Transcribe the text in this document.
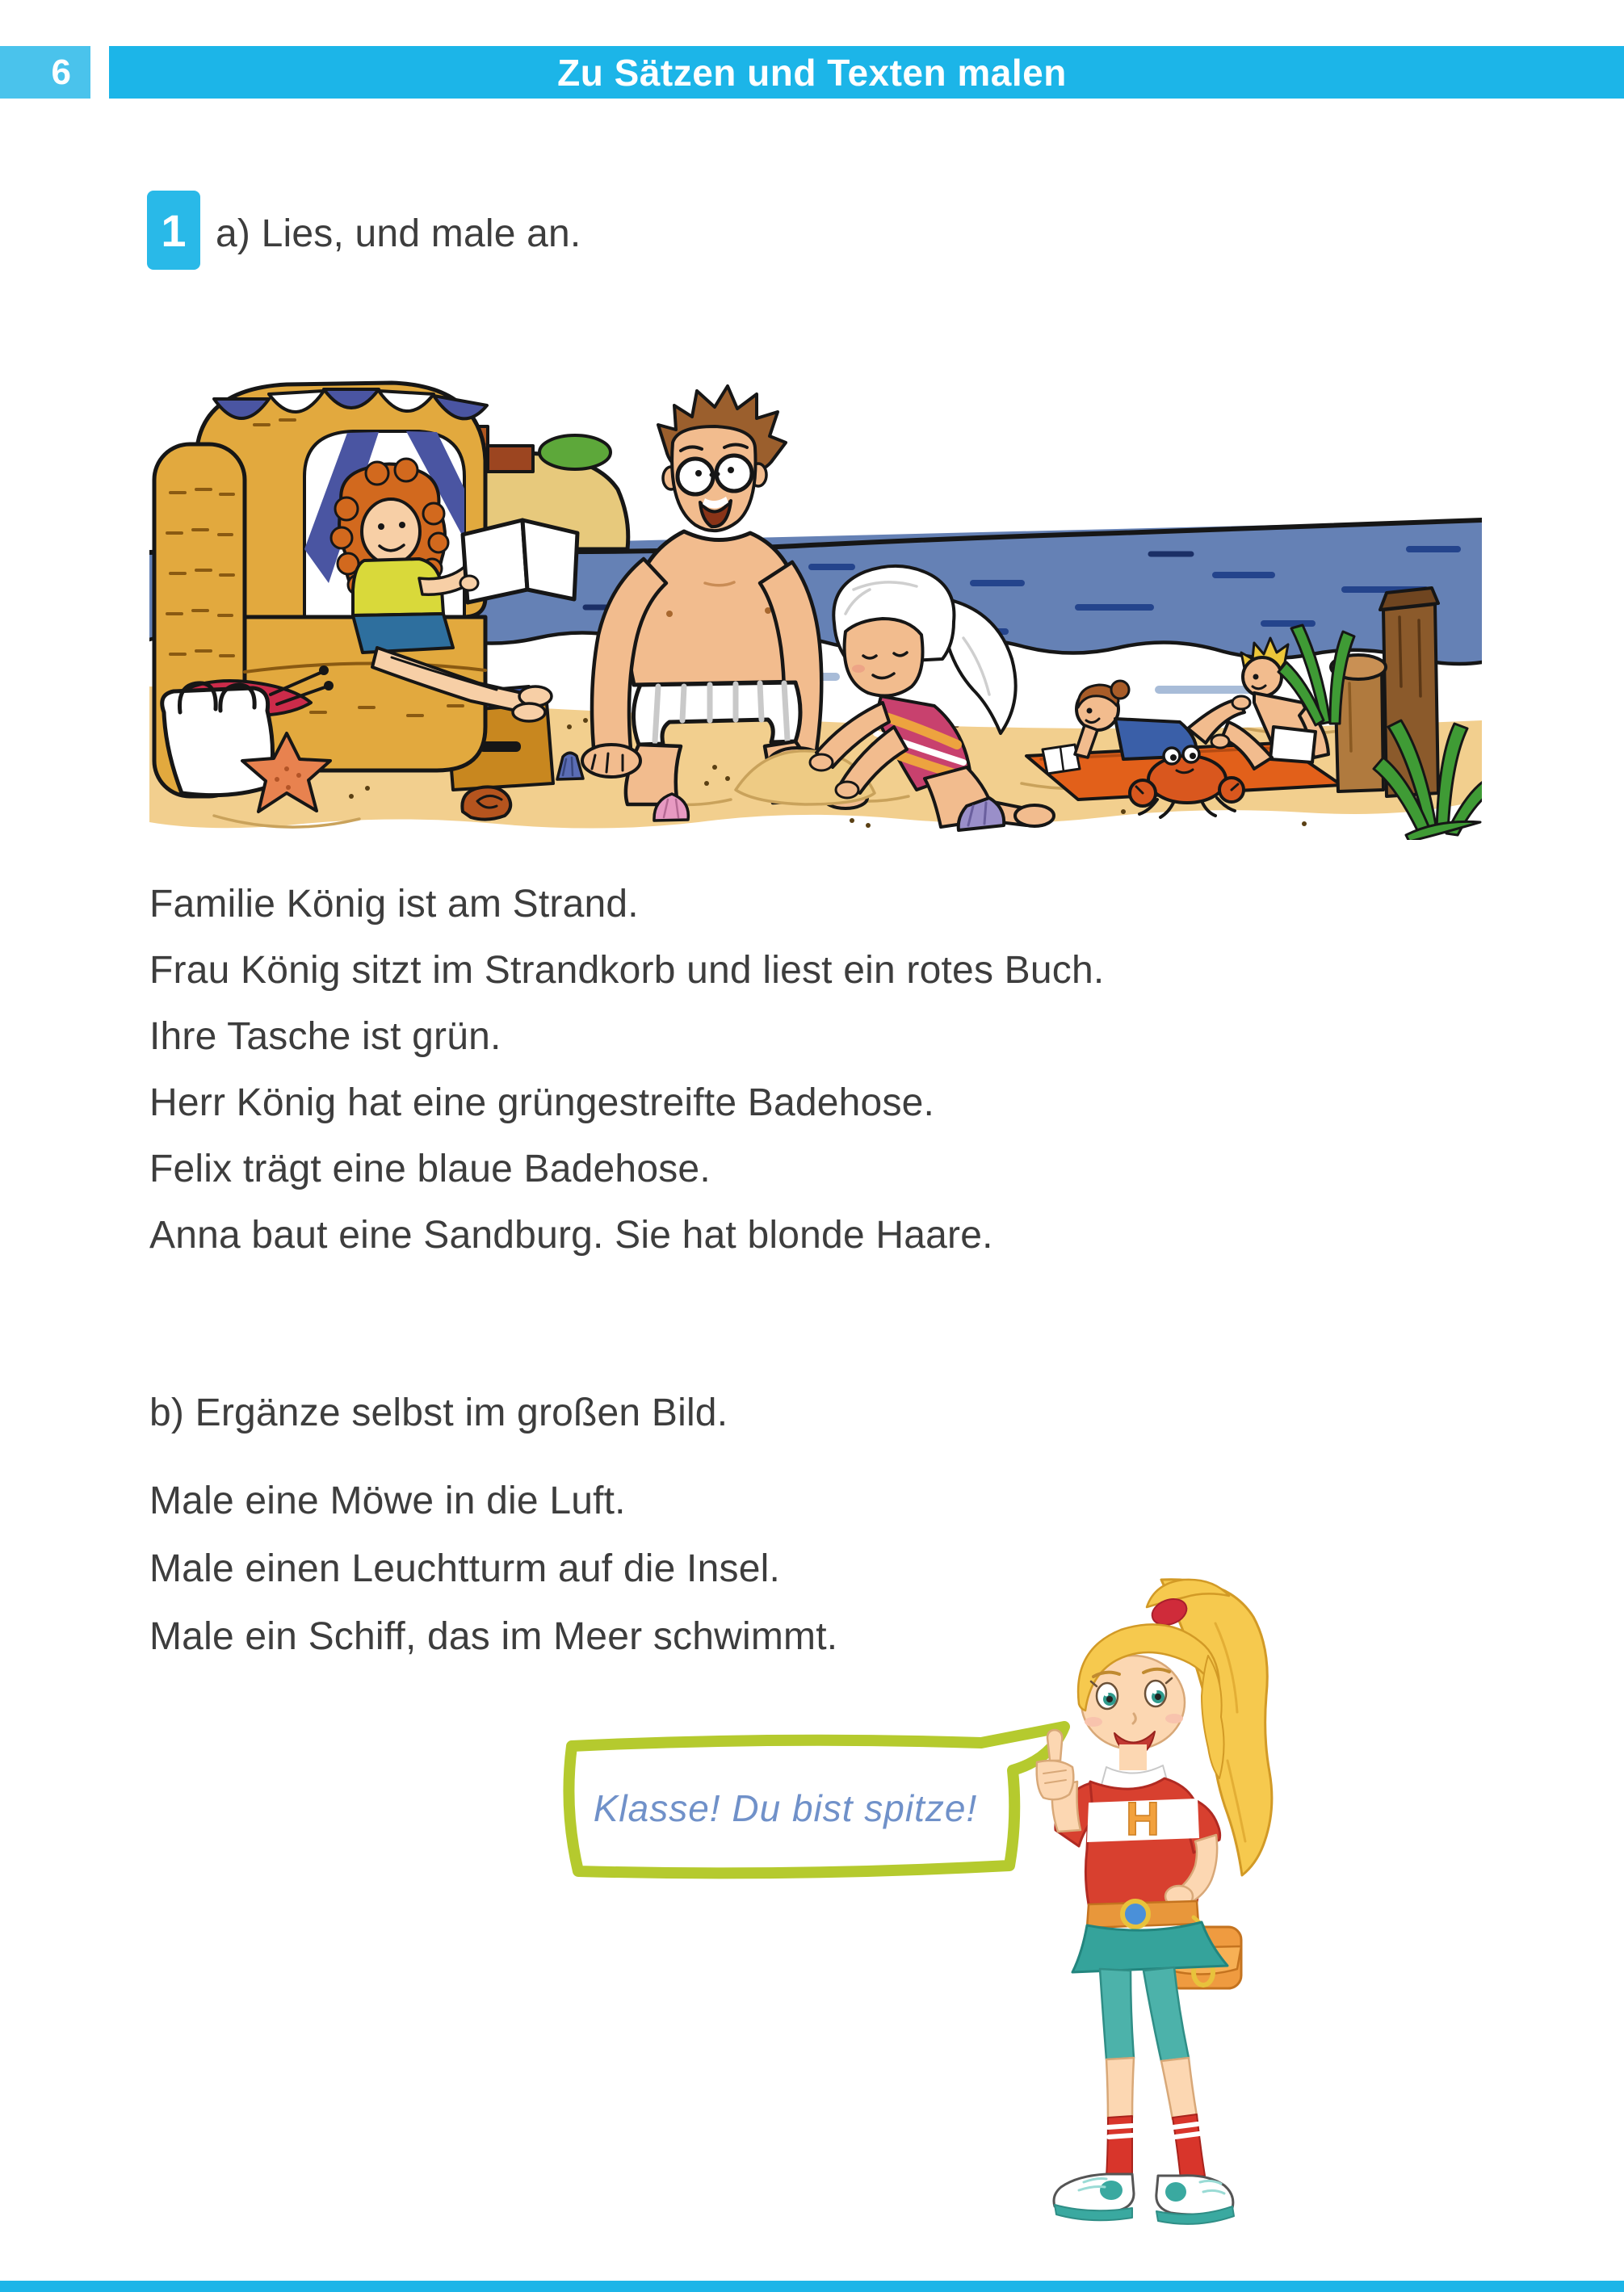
6	Zu Sätzen und Texten malen
1 a) Lies, und male an.
Familie König ist am Strand.
Frau König sitzt im Strandkorb und liest ein rotes Buch.
Ihre Tasche ist grün.
Herr König hat eine grüngestreifte Badehose.
Felix trägt eine blaue Badehose.
Anna baut eine Sandburg. Sie hat blonde Haare.
b) Ergänze selbst im großen Bild.
Male eine Möwe in die Luft.
Male einen Leuchtturm auf die Insel.
Male ein Schiff, das im Meer schwimmt.
Klasse! Du bist spitze!	H
